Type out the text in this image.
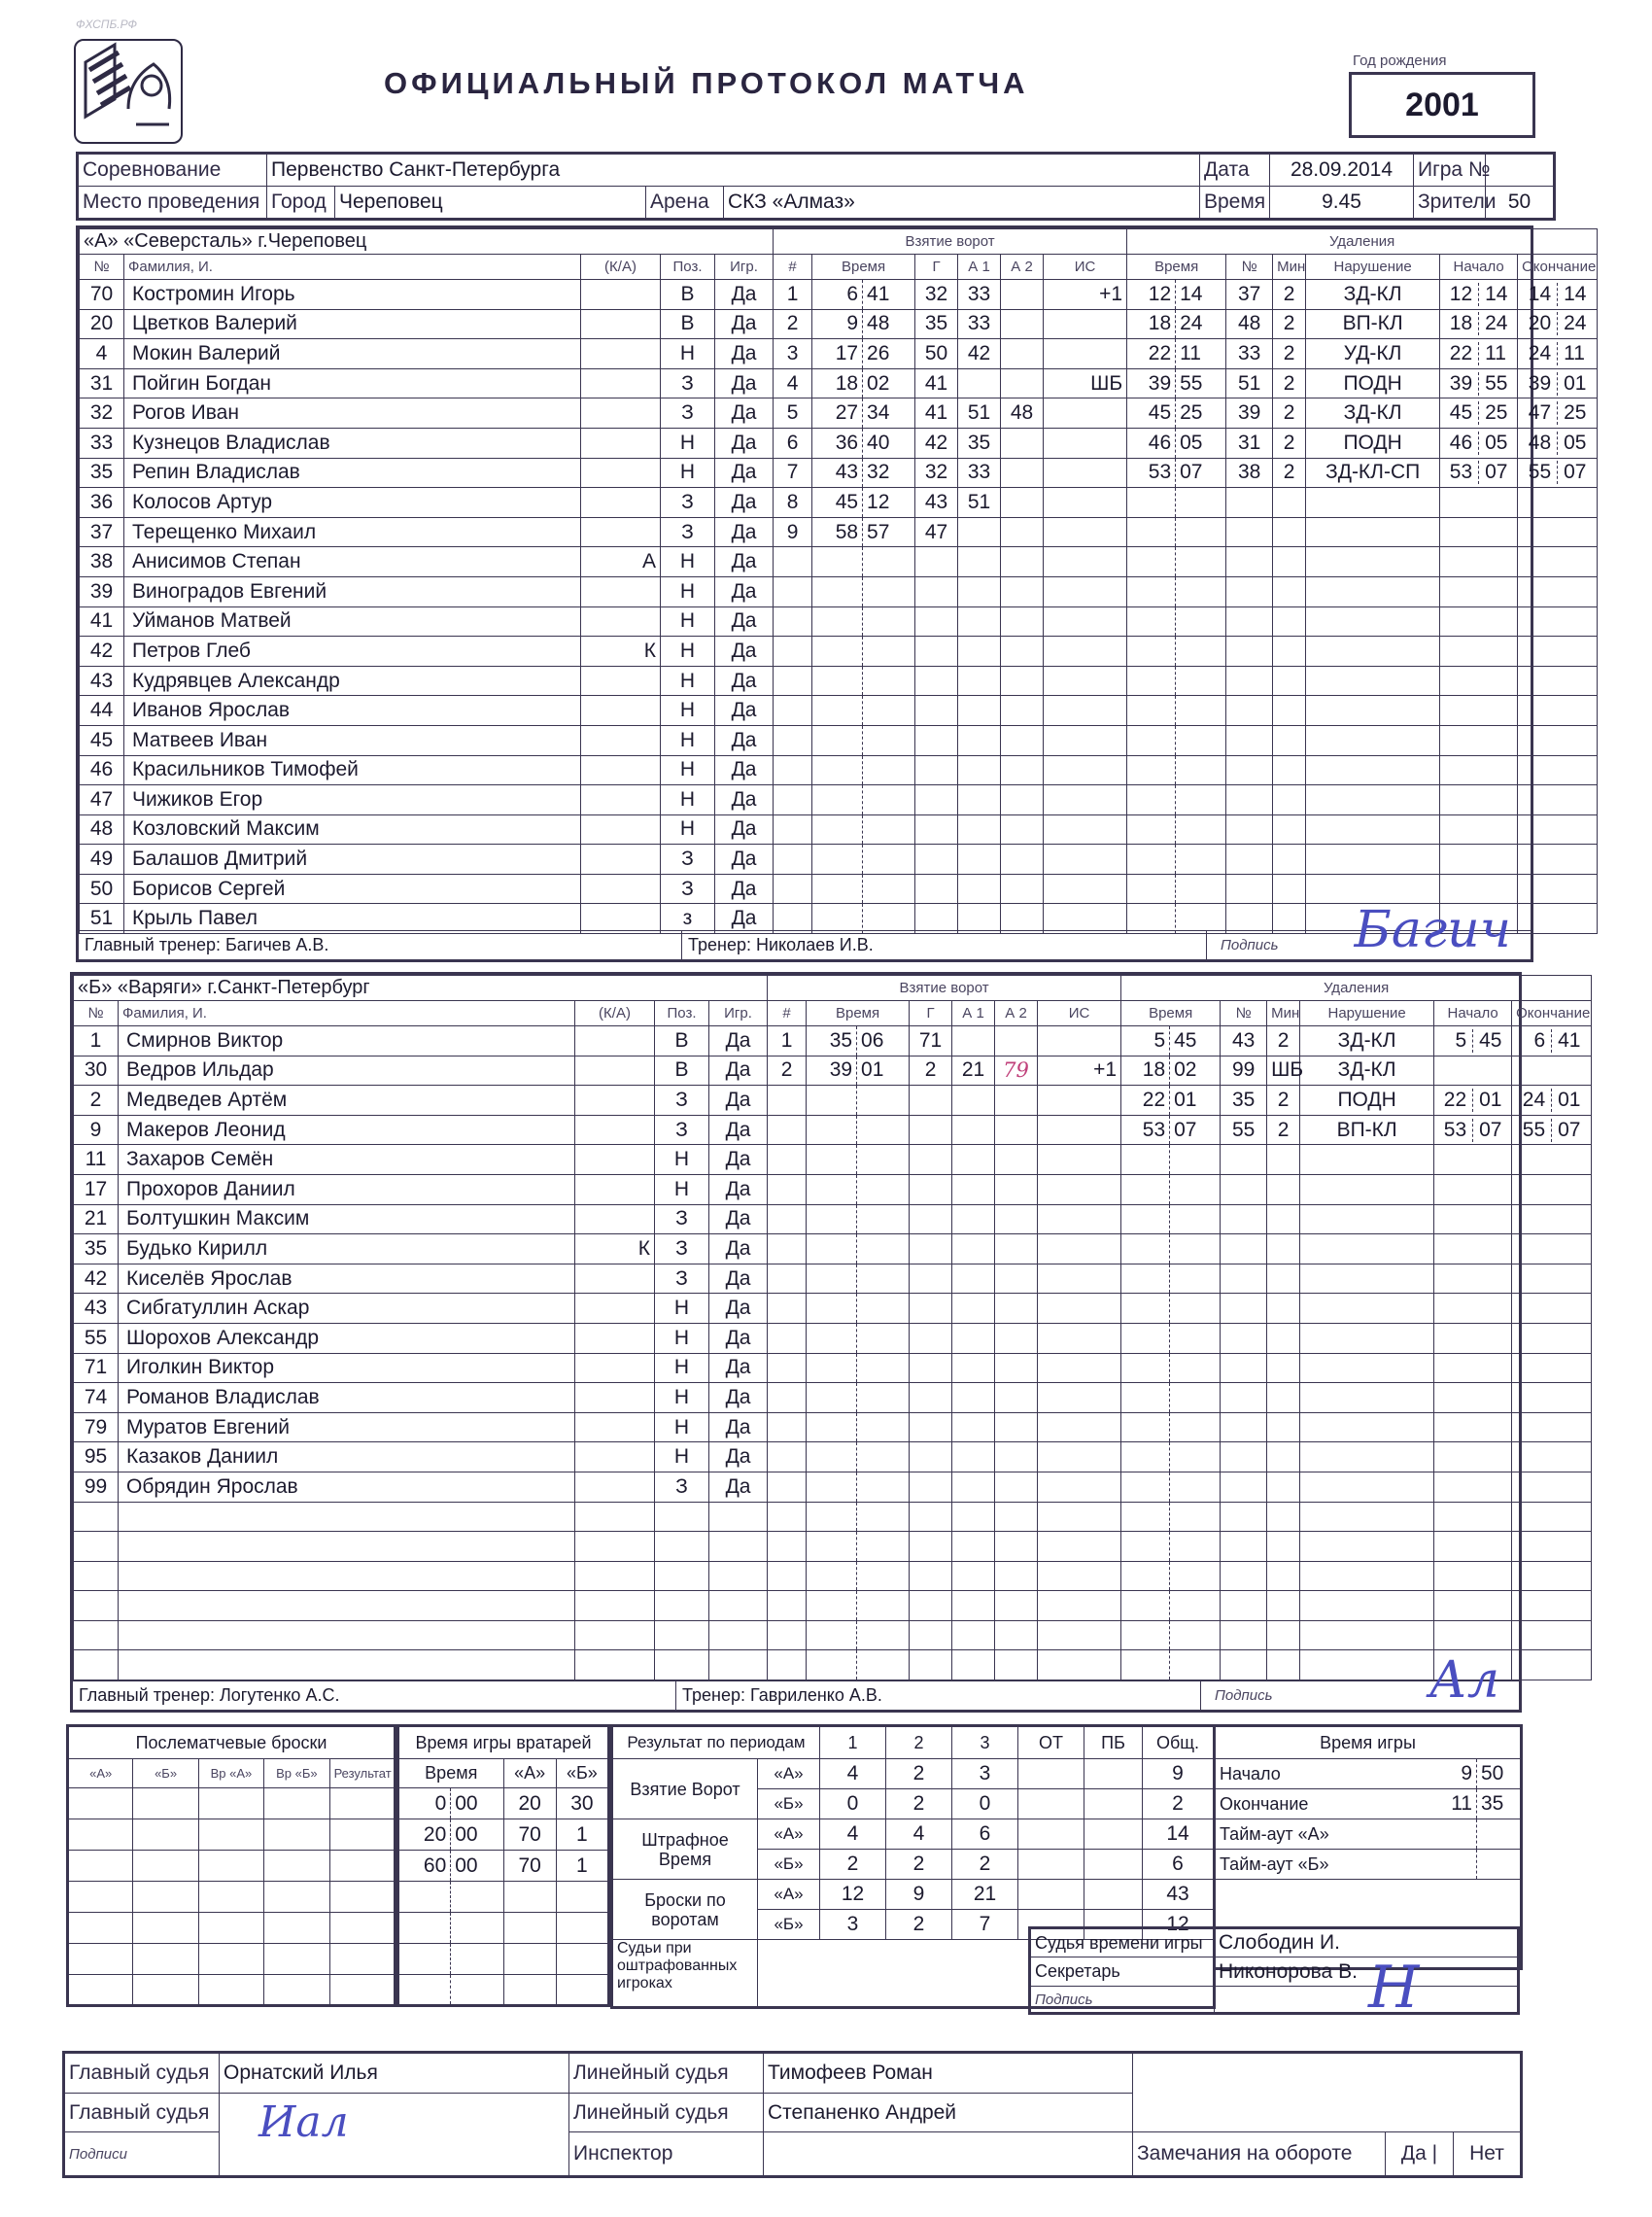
ФХСПБ.РФ
ОФИЦИАЛЬНЫЙ ПРОТОКОЛ МАТЧА
Год рождения
2001
Соревнование	Первенство Санкт-Петербурга				Дата	28.09.2014	Игра №	
Место проведения	Город	Череповец	Арена	СКЗ «Алмаз»	Время	9.45	Зрители	50
«А» «Северсталь» г.Череповец					Взятие ворот							Удаления						
№	Фамилия, И.	(К/А)	Поз.	Игр.	#	Время		Г	А 1	А 2	ИС	Время		№	Мин	Нарушение	Начало	Окончание
70	Костромин Игорь		В	Да	1	6	41	32	33		+1	12	14	37	2	ЗД-КЛ	12 14	14 14

20	Цветков Валерий		В	Да	2	9	48	35	33			18	24	48	2	ВП-КЛ	18 24	20 24

4	Мокин Валерий		Н	Да	3	17	26	50	42			22	11	33	2	УД-КЛ	22 11	24 11

31	Пойгин Богдан		З	Да	4	18	02	41			ШБ	39	55	51	2	ПОДН	39 55	39 01

32	Рогов Иван		З	Да	5	27	34	41	51	48		45	25	39	2	ЗД-КЛ	45 25	47 25

33	Кузнецов Владислав		Н	Да	6	36	40	42	35			46	05	31	2	ПОДН	46 05	48 05

35	Репин Владислав		Н	Да	7	43	32	32	33			53	07	38	2	ЗД-КЛ-СП	53 07	55 07

36	Колосов Артур		З	Да	8	45	12	43	51								

37	Терещенко Михаил		З	Да	9	58	57	47									

38	Анисимов Степан	А	Н	Да													

39	Виноградов Евгений		Н	Да													

41	Уйманов Матвей		Н	Да													

42	Петров Глеб	К	Н	Да													

43	Кудрявцев Александр		Н	Да													

44	Иванов Ярослав		Н	Да													

45	Матвеев Иван		Н	Да													

46	Красильников Тимофей		Н	Да													

47	Чижиков Егор		Н	Да													

48	Козловский Максим		Н	Да													

49	Балашов Дмитрий		З	Да													

50	Борисов Сергей		З	Да													

51	Крыль Павел		з	Да													

Главный тренер: Багичев А.В.	Тренер: Николаев И.В.	Подпись Багич
«Б» «Варяги» г.Санкт-Петербург					Взятие ворот							Удаления						
№	Фамилия, И.	(К/А)	Поз.	Игр.	#	Время		Г	А 1	А 2	ИС	Время		№	Мин	Нарушение	Начало	Окончание
1	Смирнов Виктор		В	Да	1	35	06	71				5	45	43	2	ЗД-КЛ	5 45	6 41

30	Ведров Ильдар		В	Да	2	39	01	2	21	79	+1	18	02	99	ШБ	ЗД-КЛ	

2	Медведев Артём		З	Да								22	01	35	2	ПОДН	22 01	24 01

9	Макеров Леонид		З	Да								53	07	55	2	ВП-КЛ	53 07	55 07

11	Захаров Семён		Н	Да													

17	Прохоров Даниил		Н	Да													

21	Болтушкин Максим		З	Да													

35	Будько Кирилл	К	З	Да													

42	Киселёв Ярослав		З	Да													

43	Сибгатуллин Аскар		Н	Да													

55	Шорохов Александр		Н	Да													

71	Иголкин Виктор		Н	Да													

74	Романов Владислав		Н	Да													

79	Муратов Евгений		Н	Да													

95	Казаков Даниил		Н	Да													

99	Обрядин Ярослав		З	Да													

Главный тренер: Логутенко А.С.	Тренер: Гавриленко А.В.	Подпись	Ал
Послематчевые броски				
«А»	«Б»	Вр «А»	Вр «Б»	Результат

Время игры вратарей			
Время		«А»	«Б»
0	00	20	30
20	00	70	1
60	00	70	1

Результат по периодам		1	2	3	ОТ	ПБ	Общ.
Взятие Ворот	«А»	4	2	3			9
	«Б»	0	2	0			2
Штрафное Время	«А»	4	4	6			14
	«Б»	2	2	2			6
Броски по воротам	«А»	12	9	21			43
	«Б»	3	2	7			12
Судьи при оштрафованных игроках							
Время игры			
Начало		9	50
Окончание		11	35
Тайм-аут «А»			
Тайм-аут «Б»			

Судья времени игры	Слободин И.
Секретарь	Никонорова В.
Подпись		Н
Главный судья	Орнатский Илья	Линейный судья	Тимофеев Роман			
Главный судья	Иал	Линейный судья	Степаненко Андрей			
Подписи		Инспектор		Замечания на обороте	Да |	Нет
